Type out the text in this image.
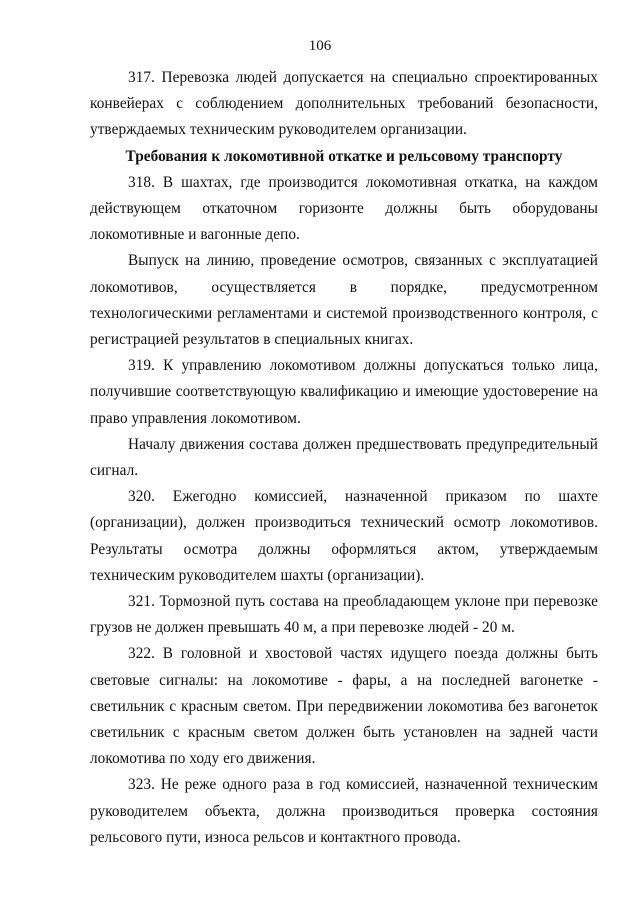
106

317. Перевозка людей допускается на специально спроектированных конвейерах с соблюдением дополнительных требований безопасности, утверждаемых техническим руководителем организации.

Требования к локомотивной откатке и рельсовому транспорту

318. В шахтах, где производится локомотивная откатка, на каждом действующем откаточном горизонте должны быть оборудованы локомотивные и вагонные депо.

Выпуск на линию, проведение осмотров, связанных с эксплуатацией локомотивов, осуществляется в порядке, предусмотренном технологическими регламентами и системой производственного контроля, с регистрацией результатов в специальных книгах.

319. К управлению локомотивом должны допускаться только лица, получившие соответствующую квалификацию и имеющие удостоверение на право управления локомотивом.

Началу движения состава должен предшествовать предупредительный сигнал.

320. Ежегодно комиссией, назначенной приказом по шахте (организации), должен производиться технический осмотр локомотивов. Результаты осмотра должны оформляться актом, утверждаемым техническим руководителем шахты (организации).

321. Тормозной путь состава на преобладающем уклоне при перевозке грузов не должен превышать 40 м, а при перевозке людей - 20 м.

322. В головной и хвостовой частях идущего поезда должны быть световые сигналы: на локомотиве - фары, а на последней вагонетке - светильник с красным светом. При передвижении локомотива без вагонеток светильник с красным светом должен быть установлен на задней части локомотива по ходу его движения.

323. Не реже одного раза в год комиссией, назначенной техническим руководителем объекта, должна производиться проверка состояния рельсового пути, износа рельсов и контактного провода.
